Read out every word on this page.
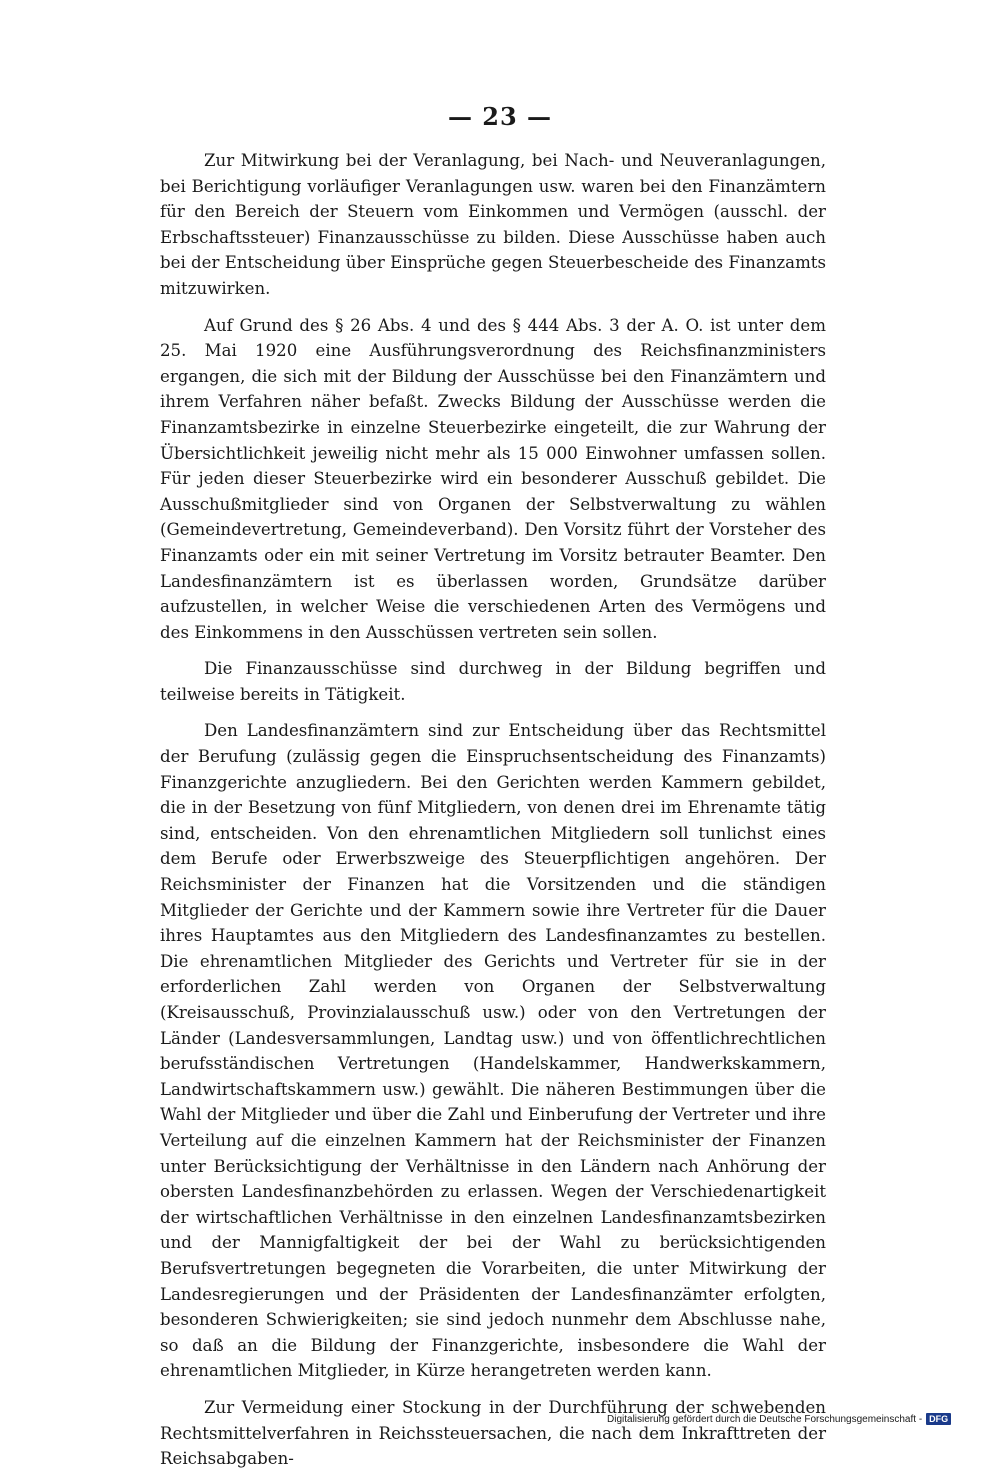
— 23 —

Zur Mitwirkung bei der Veranlagung, bei Nach- und Neuveranlagungen, bei Berichtigung vorläufiger Veranlagungen usw. waren bei den Finanzämtern für den Bereich der Steuern vom Einkommen und Vermögen (ausschl. der Erbschaftssteuer) Finanzausschüsse zu bilden. Diese Ausschüsse haben auch bei der Entscheidung über Einsprüche gegen Steuerbescheide des Finanzamts mitzuwirken.

Auf Grund des § 26 Abs. 4 und des § 444 Abs. 3 der A. O. ist unter dem 25. Mai 1920 eine Ausführungsverordnung des Reichsfinanzministers ergangen, die sich mit der Bildung der Ausschüsse bei den Finanzämtern und ihrem Verfahren näher befaßt. Zwecks Bildung der Ausschüsse werden die Finanzamtsbezirke in einzelne Steuerbezirke eingeteilt, die zur Wahrung der Übersichtlichkeit jeweilig nicht mehr als 15 000 Einwohner umfassen sollen. Für jeden dieser Steuerbezirke wird ein besonderer Ausschuß gebildet. Die Ausschußmitglieder sind von Organen der Selbstverwaltung zu wählen (Gemeindevertretung, Gemeindeverband). Den Vorsitz führt der Vorsteher des Finanzamts oder ein mit seiner Vertretung im Vorsitz betrauter Beamter. Den Landesfinanzämtern ist es überlassen worden, Grundsätze darüber aufzustellen, in welcher Weise die verschiedenen Arten des Vermögens und des Einkommens in den Ausschüssen vertreten sein sollen.

Die Finanzausschüsse sind durchweg in der Bildung begriffen und teilweise bereits in Tätigkeit.

Den Landesfinanzämtern sind zur Entscheidung über das Rechtsmittel der Berufung (zulässig gegen die Einspruchsentscheidung des Finanzamts) Finanzgerichte anzugliedern. Bei den Gerichten werden Kammern gebildet, die in der Besetzung von fünf Mitgliedern, von denen drei im Ehrenamte tätig sind, entscheiden. Von den ehrenamtlichen Mitgliedern soll tunlichst eines dem Berufe oder Erwerbszweige des Steuerpflichtigen angehören. Der Reichsminister der Finanzen hat die Vorsitzenden und die ständigen Mitglieder der Gerichte und der Kammern sowie ihre Vertreter für die Dauer ihres Hauptamtes aus den Mitgliedern des Landesfinanzamtes zu bestellen. Die ehrenamtlichen Mitglieder des Gerichts und Vertreter für sie in der erforderlichen Zahl werden von Organen der Selbstverwaltung (Kreisausschuß, Provinzialausschuß usw.) oder von den Vertretungen der Länder (Landesversammlungen, Landtag usw.) und von öffentlichrechtlichen berufsständischen Vertretungen (Handelskammer, Handwerkskammern, Landwirtschaftskammern usw.) gewählt. Die näheren Bestimmungen über die Wahl der Mitglieder und über die Zahl und Einberufung der Vertreter und ihre Verteilung auf die einzelnen Kammern hat der Reichsminister der Finanzen unter Berücksichtigung der Verhältnisse in den Ländern nach Anhörung der obersten Landesfinanzbehörden zu erlassen. Wegen der Verschiedenartigkeit der wirtschaftlichen Verhältnisse in den einzelnen Landesfinanzamtsbezirken und der Mannigfaltigkeit der bei der Wahl zu berücksichtigenden Berufsvertretungen begegneten die Vorarbeiten, die unter Mitwirkung der Landesregierungen und der Präsidenten der Landesfinanzämter erfolgten, besonderen Schwierigkeiten; sie sind jedoch nunmehr dem Abschlusse nahe, so daß an die Bildung der Finanzgerichte, insbesondere die Wahl der ehrenamtlichen Mitglieder, in Kürze herangetreten werden kann.

Zur Vermeidung einer Stockung in der Durchführung der schwebenden Rechtsmittelverfahren in Reichssteuersachen, die nach dem Inkrafttreten der Reichsabgaben-

Digitalisierung gefördert durch die Deutsche Forschungsgemeinschaft - DFG
